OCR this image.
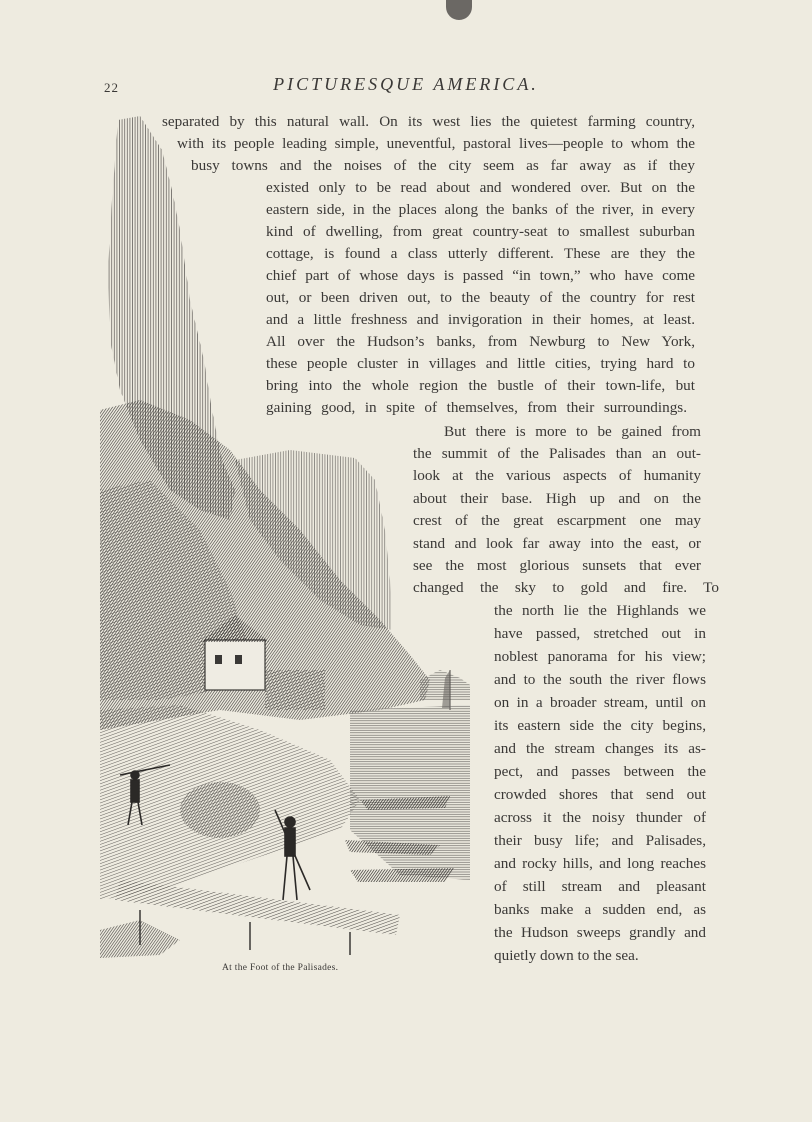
22	PICTURESQUE AMERICA.
separated by this natural wall. On its west lies the quietest farming country,
with its people leading simple, uneventful, pastoral lives—people to whom the
busy towns and the noises of the city seem as far away as if they
existed only to be read about and wondered over. But on the
eastern side, in the places along the banks of the river, in every
kind of dwelling, from great country-seat to smallest suburban
cottage, is found a class utterly different. These are they the
chief part of whose days is passed “in town,” who have come
out, or been driven out, to the beauty of the country for rest
and a little freshness and invigoration in their homes, at least.
All over the Hudson’s banks, from Newburg to New York,
these people cluster in villages and little cities, trying hard to
bring into the whole region the bustle of their town-life, but
gaining good, in spite of themselves, from their surroundings.
But there is more to be gained from
the summit of the Palisades than an out-
look at the various aspects of humanity
about their base. High up and on the
crest of the great escarpment one may
stand and look far away into the east, or
see the most glorious sunsets that ever
changed the sky to gold and fire. To
the north lie the Highlands we
have passed, stretched out in
noblest panorama for his view;
and to the south the river flows
on in a broader stream, until on
its eastern side the city begins,
and the stream changes its as-
pect, and passes between the
crowded shores that send out
across it the noisy thunder of
their busy life; and Palisades,
and rocky hills, and long reaches
of still stream and pleasant
banks make a sudden end, as
the Hudson sweeps grandly and
quietly down to the sea.
At the Foot of the Palisades.
